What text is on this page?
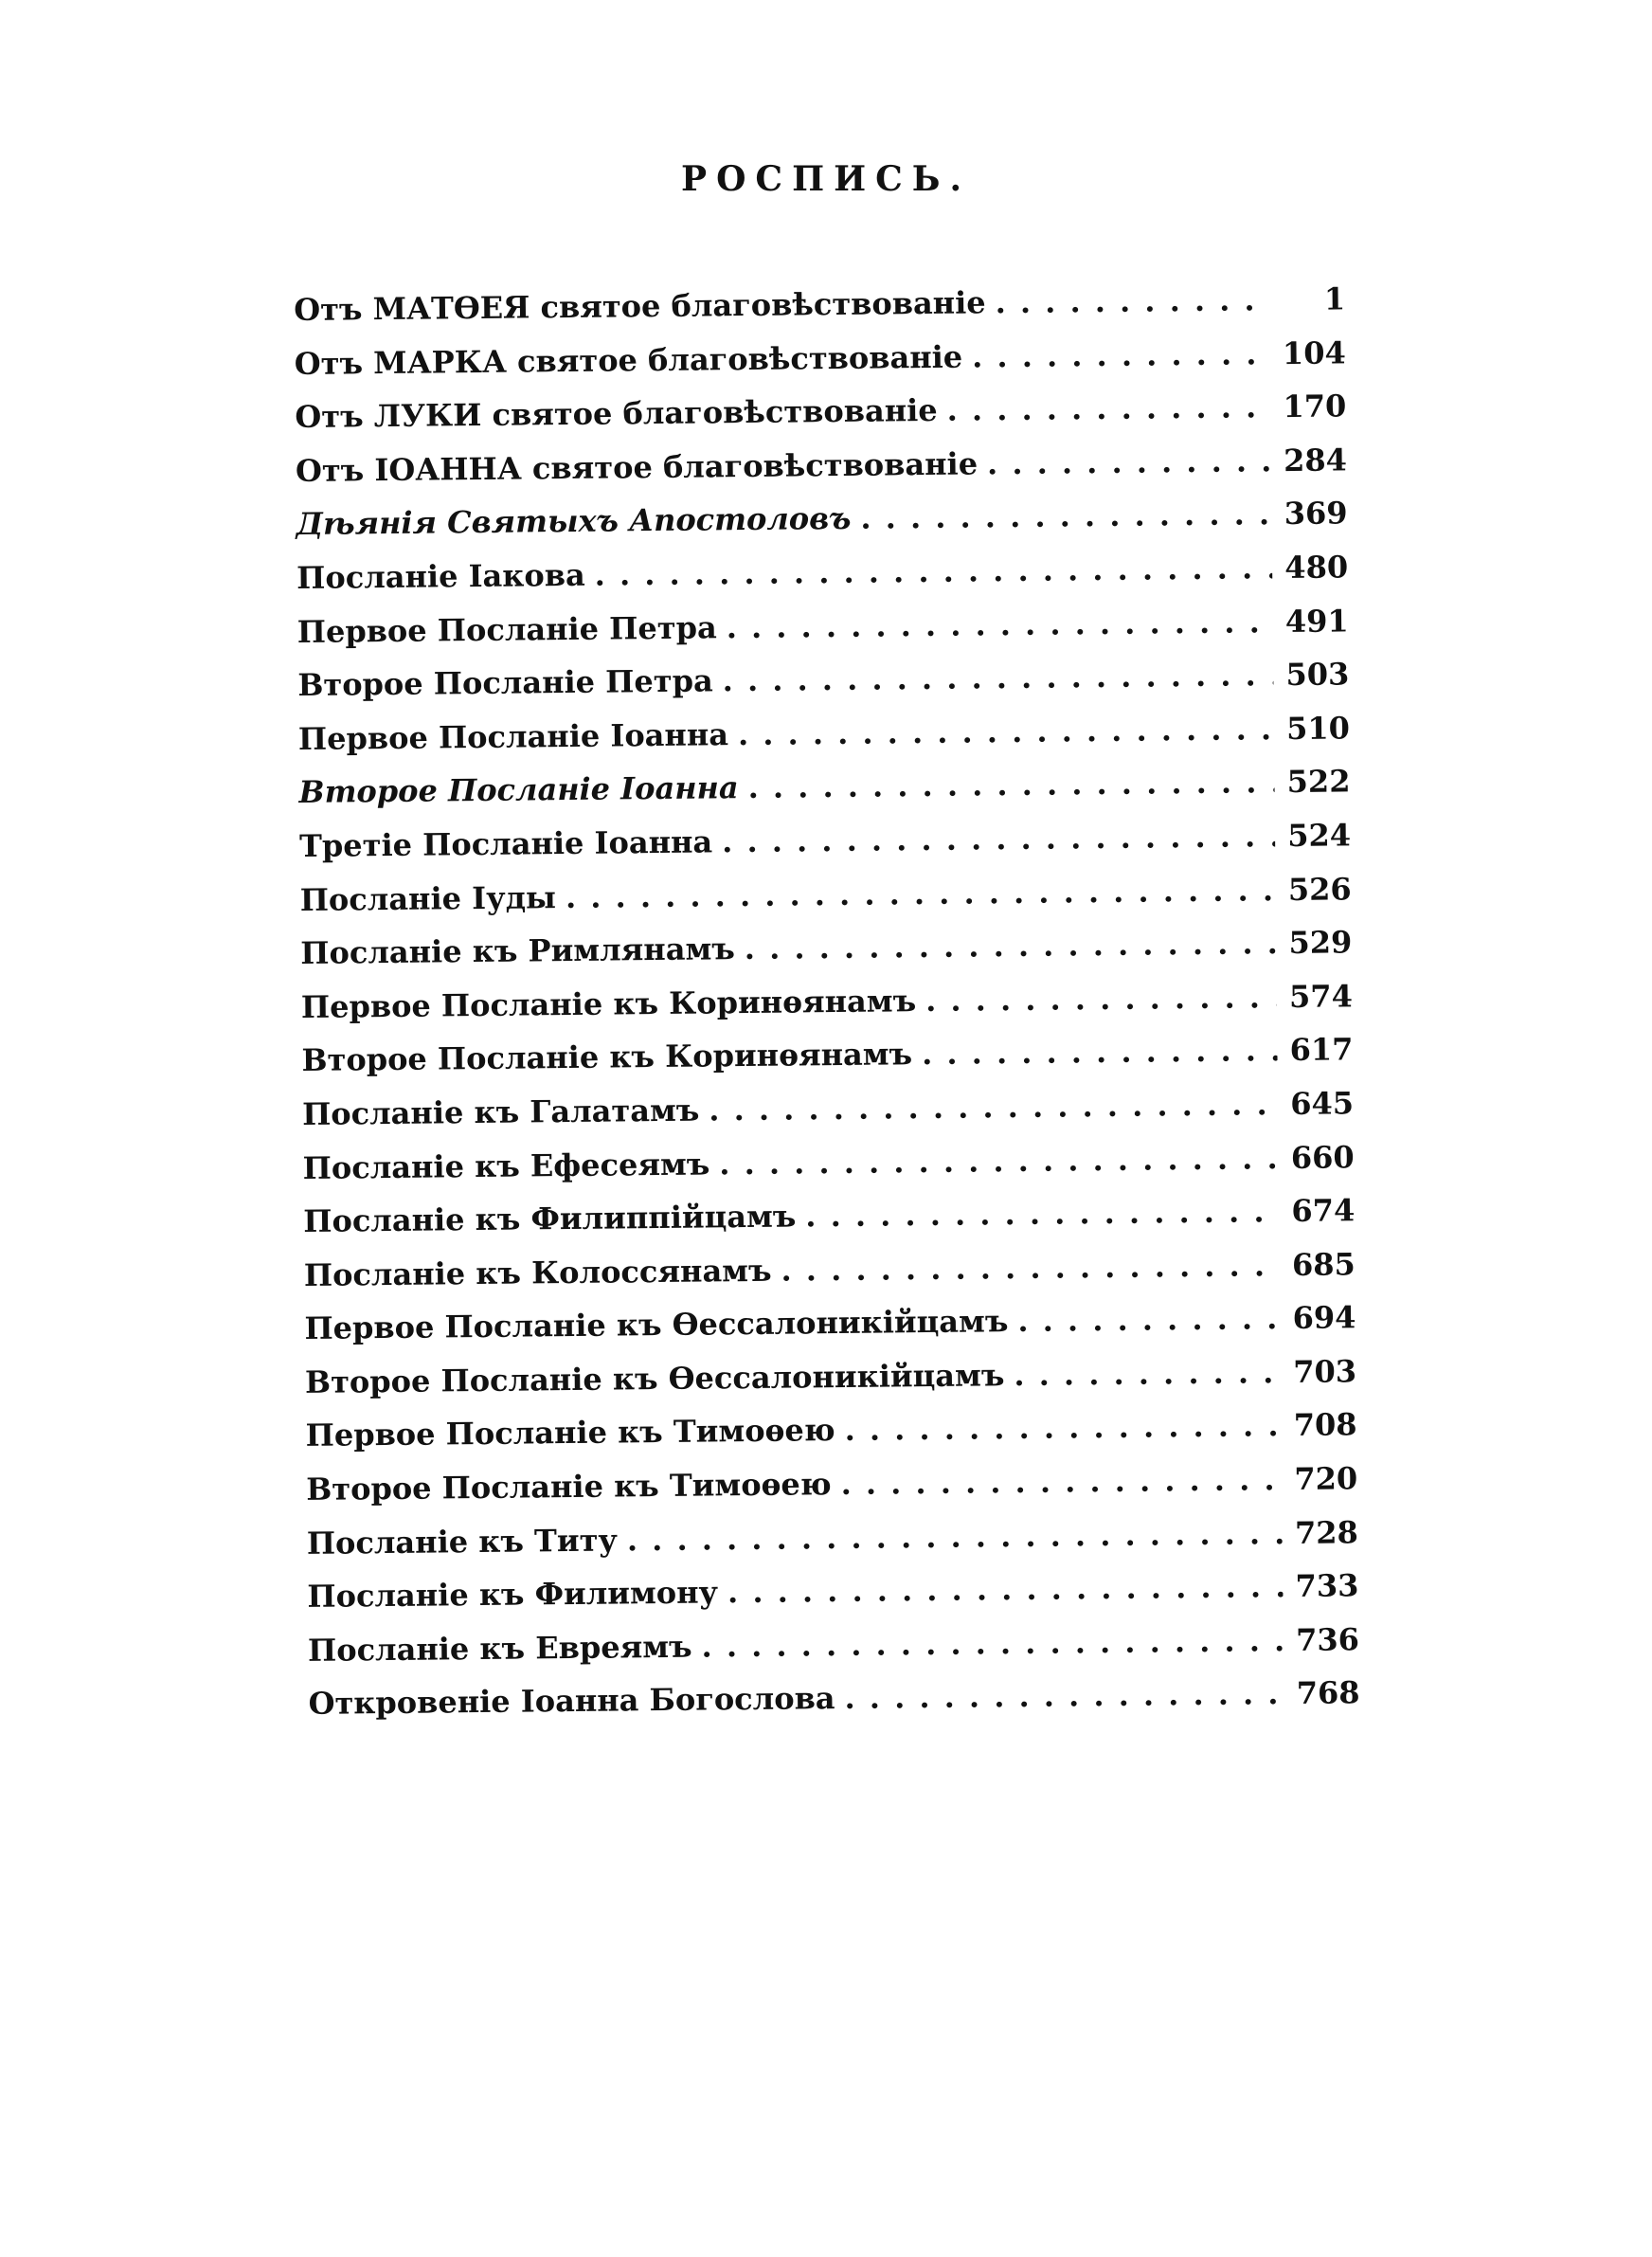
РОСПИСЬ.
Отъ МАТѲЕЯ святое благовѣствованіе . . .	1
Отъ МАРКА святое благовѣствованіе . . .	104
Отъ ЛУКИ святое благовѣствованіе . . .	170
Отъ ІОАННА святое благовѣствованіе . . .	284
Дѣянія Святыхъ Апостоловъ . . .	369
Посланіе Іакова . . .	480
Первое Посланіе Петра . . .	491
Второе Посланіе Петра . . .	503
Первое Посланіе Іоанна . . .	510
Второе Посланіе Іоанна . . .	522
Третіе Посланіе Іоанна . . .	524
Посланіе Іуды . . .	526
Посланіе къ Римлянамъ . . .	529
Первое Посланіе къ Коринѳянамъ . . .	574
Второе Посланіе къ Коринѳянамъ . . .	617
Посланіе къ Галатамъ . . .	645
Посланіе къ Ефесеямъ . . .	660
Посланіе къ Филиппійцамъ . . .	674
Посланіе къ Колоссянамъ . . .	685
Первое Посланіе къ Ѳессалоникійцамъ . . .	694
Второе Посланіе къ Ѳессалоникійцамъ . . .	703
Первое Посланіе къ Тимоѳею . . .	708
Второе Посланіе къ Тимоѳею . . .	720
Посланіе къ Титу . . .	728
Посланіе къ Филимону . . .	733
Посланіе къ Евреямъ . . .	736
Откровеніе Іоанна Богослова . . .	768
